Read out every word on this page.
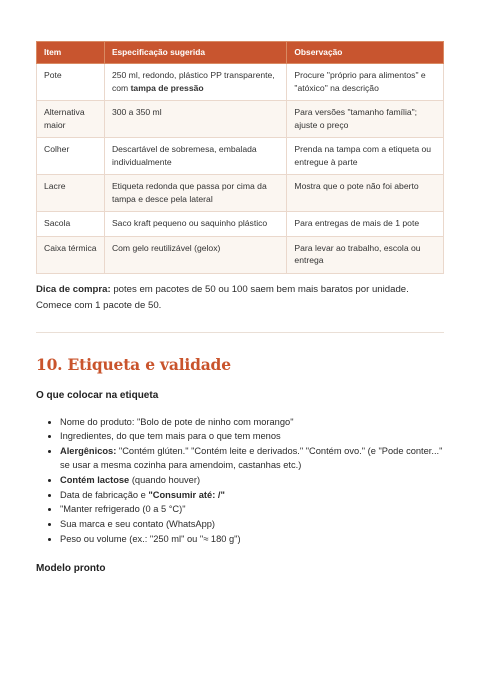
Item	Especificação sugerida	Observação
Pote	250 ml, redondo, plástico PP transparente, com tampa de pressão	Procure "próprio para alimentos" e "atóxico" na descrição
Alternativa maior	300 a 350 ml	Para versões "tamanho família"; ajuste o preço
Colher	Descartável de sobremesa, embalada individualmente	Prenda na tampa com a etiqueta ou entregue à parte
Lacre	Etiqueta redonda que passa por cima da tampa e desce pela lateral	Mostra que o pote não foi aberto
Sacola	Saco kraft pequeno ou saquinho plástico	Para entregas de mais de 1 pote
Caixa térmica	Com gelo reutilizável (gelox)	Para levar ao trabalho, escola ou entrega

Dica de compra: potes em pacotes de 50 ou 100 saem bem mais baratos por unidade. Comece com 1 pacote de 50.

10. Etiqueta e validade
O que colocar na etiqueta
• Nome do produto: "Bolo de pote de ninho com morango"
• Ingredientes, do que tem mais para o que tem menos
• Alergênicos: "Contém glúten." "Contém leite e derivados." "Contém ovo." (e "Pode conter..." se usar a mesma cozinha para amendoim, castanhas etc.)
• Contém lactose (quando houver)
• Data de fabricação e "Consumir até: /"
• "Manter refrigerado (0 a 5 °C)"
• Sua marca e seu contato (WhatsApp)
• Peso ou volume (ex.: "250 ml" ou "≈ 180 g")
Modelo pronto
